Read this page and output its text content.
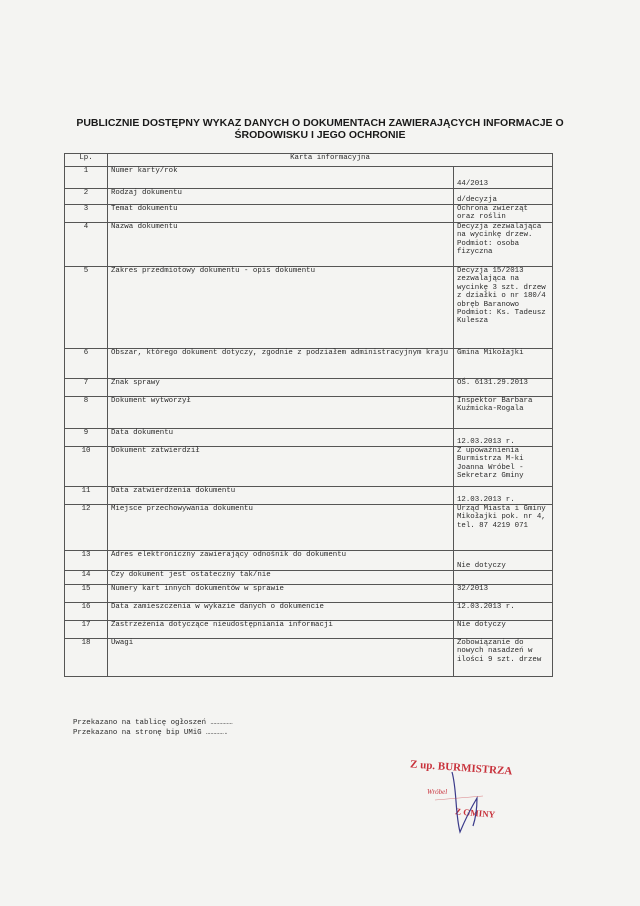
PUBLICZNIE DOSTĘPNY WYKAZ DANYCH O DOKUMENTACH ZAWIERAJĄCYCH INFORMACJE O ŚRODOWISKU I JEGO OCHRONIE
Lp.	Karta informacyjna	
1	Numer karty/rok	44/2013
2	Rodzaj dokumentu	d/decyzja
3	Temat dokumentu	Ochrona zwierząt oraz roślin
4	Nazwa dokumentu	Decyzja zezwalająca na wycinkę drzew. Podmiot: osoba fizyczna
5	Zakres przedmiotowy dokumentu - opis dokumentu	Decyzja 15/2013 zezwalająca na wycinkę 3 szt. drzew z działki o nr 180/4 obręb Baranowo Podmiot: Ks. Tadeusz Kulesza
6	Obszar, którego dokument dotyczy, zgodnie z podziałem administracyjnym kraju	Gmina Mikołajki
7	Znak sprawy	OŚ. 6131.29.2013
8	Dokument wytworzył	Inspektor Barbara Kuźmicka-Rogala
9	Data dokumentu	12.03.2013 r.
10	Dokument zatwierdził	Z upoważnienia Burmistrza M-ki Joanna Wróbel - Sekretarz Gminy
11	Data zatwierdzenia dokumentu	12.03.2013 r.
12	Miejsce przechowywania dokumentu	Urząd Miasta i Gminy Mikołajki pok. nr 4, tel. 87 4219 071
13	Adres elektroniczny zawierający odnośnik do dokumentu	Nie dotyczy
14	Czy dokument jest ostateczny tak/nie	
15	Numery kart innych dokumentów w sprawie	32/2013
16	Data zamieszczenia w wykazie danych o dokumencie	12.03.2013 r.
17	Zastrzeżenia dotyczące nieudostępniania informacji	Nie dotyczy
18	Uwagi	Zobowiązanie do nowych nasadzeń w ilości 9 szt. drzew
Przekazano na tablicę ogłoszeń ……………
Przekazano na stronę bip UMiG ………….
Z up. BURMISTRZA
Wróbel
Z GMINY
